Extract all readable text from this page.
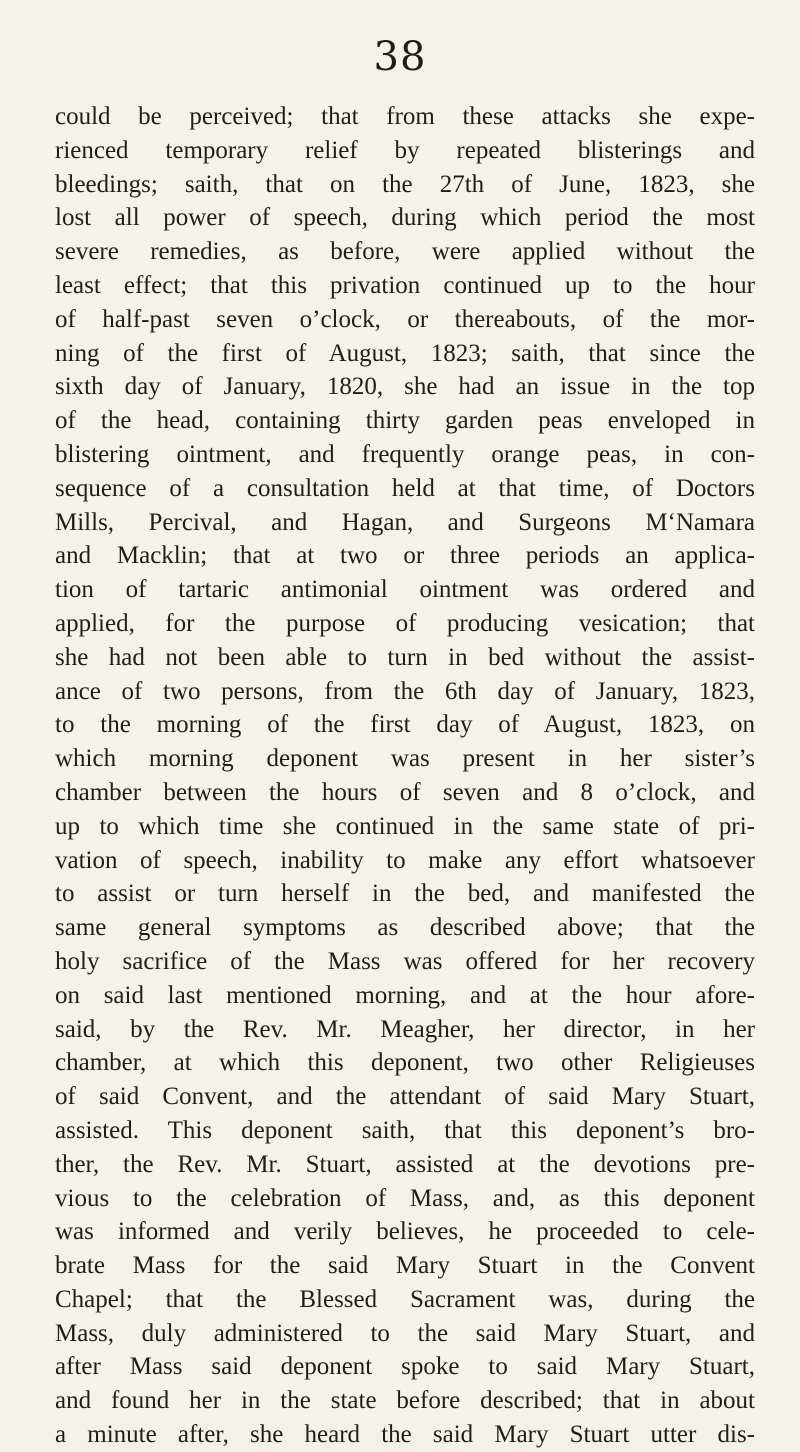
38
could be perceived; that from these attacks she expe-
rienced temporary relief by repeated blisterings and
bleedings; saith, that on the 27th of June, 1823, she
lost all power of speech, during which period the most
severe remedies, as before, were applied without the
least effect; that this privation continued up to the hour
of half-past seven o’clock, or thereabouts, of the mor-
ning of the first of August, 1823; saith, that since the
sixth day of January, 1820, she had an issue in the top
of the head, containing thirty garden peas enveloped in
blistering ointment, and frequently orange peas, in con-
sequence of a consultation held at that time, of Doctors
Mills, Percival, and Hagan, and Surgeons M‘Namara
and Macklin; that at two or three periods an applica-
tion of tartaric antimonial ointment was ordered and
applied, for the purpose of producing vesication; that
she had not been able to turn in bed without the assist-
ance of two persons, from the 6th day of January, 1823,
to the morning of the first day of August, 1823, on
which morning deponent was present in her sister’s
chamber between the hours of seven and 8 o’clock, and
up to which time she continued in the same state of pri-
vation of speech, inability to make any effort whatsoever
to assist or turn herself in the bed, and manifested the
same general symptoms as described above; that the
holy sacrifice of the Mass was offered for her recovery
on said last mentioned morning, and at the hour afore-
said, by the Rev. Mr. Meagher, her director, in her
chamber, at which this deponent, two other Religieuses
of said Convent, and the attendant of said Mary Stuart,
assisted. This deponent saith, that this deponent’s bro-
ther, the Rev. Mr. Stuart, assisted at the devotions pre-
vious to the celebration of Mass, and, as this deponent
was informed and verily believes, he proceeded to cele-
brate Mass for the said Mary Stuart in the Convent
Chapel; that the Blessed Sacrament was, during the
Mass, duly administered to the said Mary Stuart, and
after Mass said deponent spoke to said Mary Stuart,
and found her in the state before described; that in about
a minute after, she heard the said Mary Stuart utter dis-
